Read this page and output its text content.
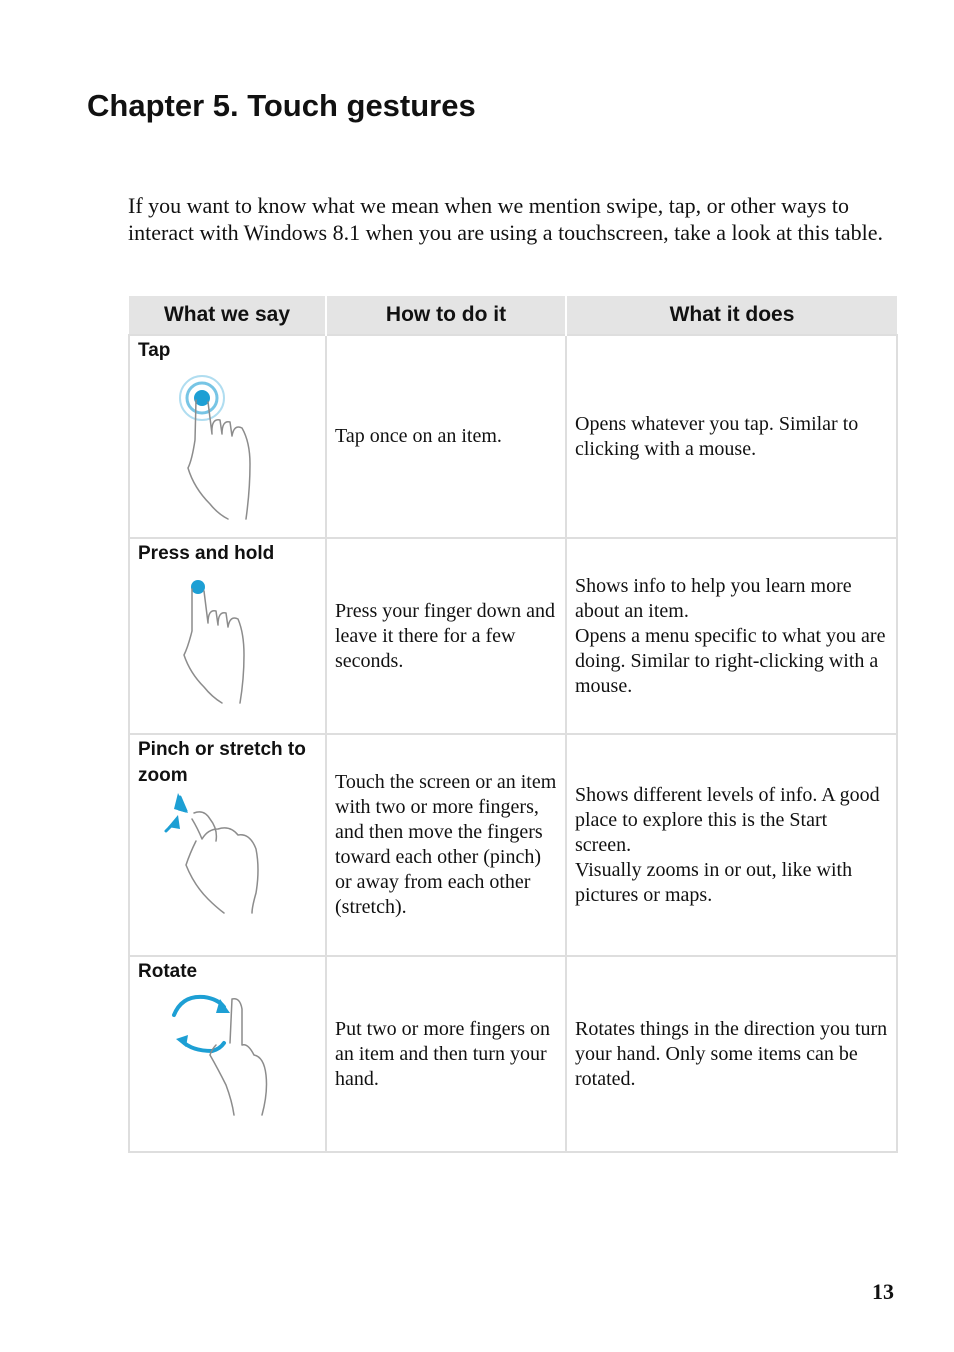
Chapter 5. Touch gestures

If you want to know what we mean when we mention swipe, tap, or other ways to interact with Windows 8.1 when you are using a touchscreen, take a look at this table.

What we say	How to do it	What it does

Tap	Tap once on an item.	Opens whatever you tap. Similar to clicking with a mouse.

Press and hold	Press your finger down and leave it there for a few seconds.	Shows info to help you learn more about an item.
Opens a menu specific to what you are doing. Similar to right-clicking with a mouse.

Pinch or stretch to zoom	Touch the screen or an item with two or more fingers, and then move the fingers toward each other (pinch) or away from each other (stretch).	Shows different levels of info. A good place to explore this is the Start screen.
Visually zooms in or out, like with pictures or maps.

Rotate	Put two or more fingers on an item and then turn your hand.	Rotates things in the direction you turn your hand. Only some items can be rotated.
13
